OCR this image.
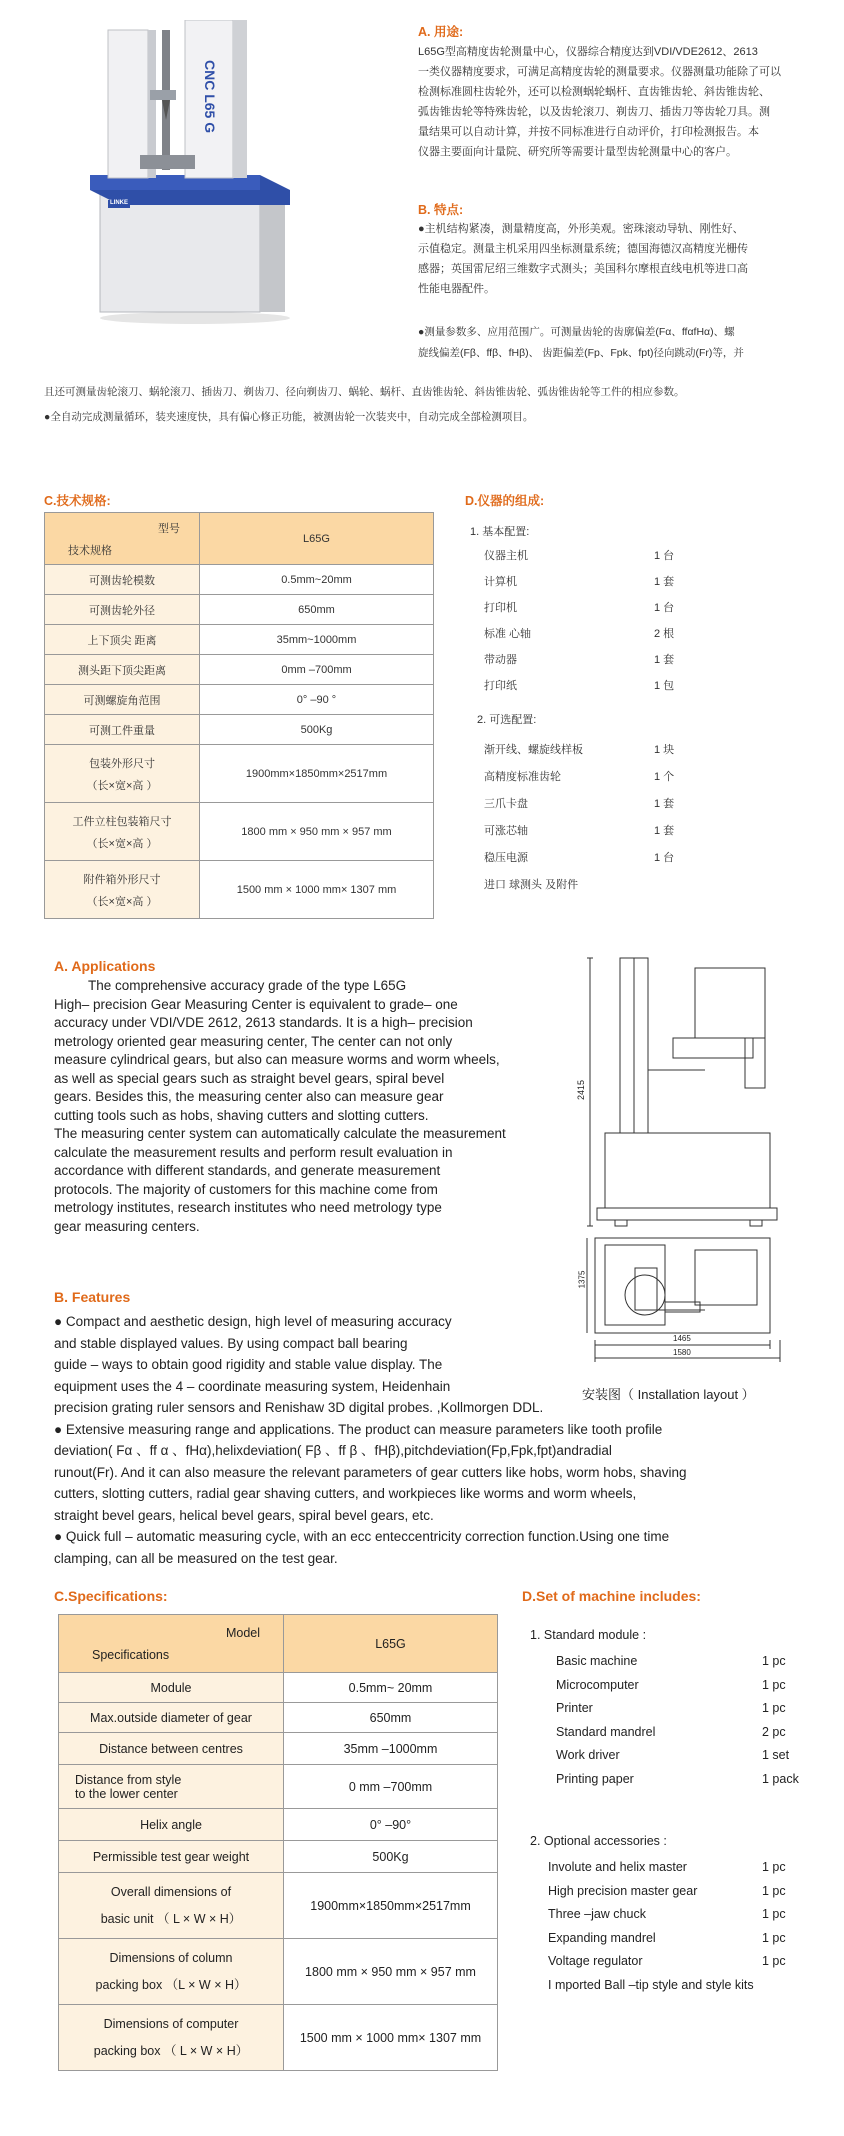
CNC L65 G
LINKE
A. 用途:
L65G型高精度齿轮测量中心，仪器综合精度达到VDI/VDE2612、2613
一类仪器精度要求，可满足高精度齿轮的测量要求。仪器测量功能除了可以
检测标准圆柱齿轮外，还可以检测蜗轮蜗杆、直齿锥齿轮、斜齿锥齿轮、
弧齿锥齿轮等特殊齿轮，以及齿轮滚刀、剃齿刀、插齿刀等齿轮刀具。测
量结果可以自动计算，并按不同标准进行自动评价，打印检测报告。本
仪器主要面向计量院、研究所等需要计量型齿轮测量中心的客户。
B. 特点:
●主机结构紧凑，测量精度高，外形美观。密珠滚动导轨、刚性好、
示值稳定。测量主机采用四坐标测量系统；德国海德汉高精度光栅传
感器；英国雷尼绍三维数字式测头；美国科尔摩根直线电机等进口高
性能电器配件。
●测量参数多、应用范围广。可测量齿轮的齿廓偏差(Fα、ffαfHα)、螺
旋线偏差(Fβ、ffβ、fHβ)、 齿距偏差(Fp、Fpk、fpt)径向跳动(Fr)等，并
且还可测量齿轮滚刀、蜗轮滚刀、插齿刀、剃齿刀、径向剃齿刀、蜗轮、蜗杆、直齿锥齿轮、斜齿锥齿轮、弧齿锥齿轮等工件的相应参数。
●全自动完成测量循环，装夹速度快，具有偏心修正功能，被测齿轮一次装夹中，自动完成全部检测项目。
C.技术规格:
型号
技术规格	L65G
可测齿轮模数	0.5mm~20mm
可测齿轮外径	650mm
上下顶尖 距离	35mm~1000mm
测头距下顶尖距离	0mm –700mm
可测螺旋角范围	0° –90 °
可测工件重量	500Kg

包装外形尺寸
（长×宽×高 ）	1900mm×1850mm×2517mm

工件立柱包装箱尺寸
（长×宽×高 ）	1800 mm × 950 mm × 957 mm

附件箱外形尺寸
（长×宽×高 ）	1500 mm × 1000 mm× 1307 mm
D.仪器的组成:
1. 基本配置:
仪器主机	1 台
计算机	1 套
打印机	1 台
标准 心轴	2 根
带动器	1 套
打印纸	1 包
2. 可选配置:
渐开线、螺旋线样板	1 块
高精度标准齿轮	1 个
三爪卡盘	1 套
可涨芯轴	1 套
稳压电源	1 台
进口 球测头 及附件
A. Applications
The comprehensive accuracy grade of the type L65G
High– precision Gear Measuring Center is equivalent to grade– one
accuracy under VDI/VDE 2612, 2613 standards. It is a high– precision
metrology oriented gear measuring center, The center can not only
measure cylindrical gears, but also can measure worms and worm wheels,
as well as special gears such as straight bevel gears, spiral bevel
gears. Besides this, the measuring center also can measure gear
cutting tools such as hobs, shaving cutters and slotting cutters.
The measuring center system can automatically calculate the measurement
calculate the measurement results and perform result evaluation in
accordance with different standards, and generate measurement
protocols. The majority of customers for this machine come from
metrology institutes, research institutes who need metrology type
gear measuring centers.
2415
1375
1465
1580
安装图（ Installation layout ）
B. Features
● Compact and aesthetic design, high level of measuring accuracy
and stable displayed values. By using compact ball bearing
guide – ways to obtain good rigidity and stable value display. The
equipment uses the 4 – coordinate measuring system, Heidenhain
precision grating ruler sensors and Renishaw 3D digital probes. ,Kollmorgen DDL.
● Extensive measuring range and applications. The product can measure parameters like tooth profile
deviation( Fα 、ff α 、fHα),helixdeviation( Fβ 、ff β 、fHβ),pitchdeviation(Fp,Fpk,fpt)andradial
runout(Fr). And it can also measure the relevant parameters of gear cutters like hobs, worm hobs, shaving
cutters, slotting cutters, radial gear shaving cutters, and workpieces like worms and worm wheels,
straight bevel gears, helical bevel gears, spiral bevel gears, etc.
● Quick full – automatic measuring cycle, with an ecc enteccentricity correction function.Using one time
clamping, can all be measured on the test gear.
C.Specifications:
Model
Specifications	L65G
Module	0.5mm~ 20mm
Max.outside diameter of gear	650mm
Distance between centres	35mm –1000mm

Distance from style
to the lower center	0 mm –700mm
Helix angle	0° –90°
Permissible test gear weight	500Kg

Overall dimensions of
basic unit （ L × W × H）	1900mm×1850mm×2517mm

Dimensions of column
packing box （L × W × H）	1800 mm × 950 mm × 957 mm

Dimensions of computer
packing box （ L × W × H）	1500 mm × 1000 mm× 1307 mm
D.Set of machine includes:
1. Standard module :
Basic machine	1 pc
Microcomputer	1 pc
Printer	1 pc
Standard mandrel	2 pc
Work driver	1 set
Printing paper	1 pack
2. Optional accessories :
Involute and helix master	1 pc
High precision master gear	1 pc
Three –jaw chuck	1 pc
Expanding mandrel	1 pc
Voltage regulator	1 pc
I mported Ball –tip style and style kits
